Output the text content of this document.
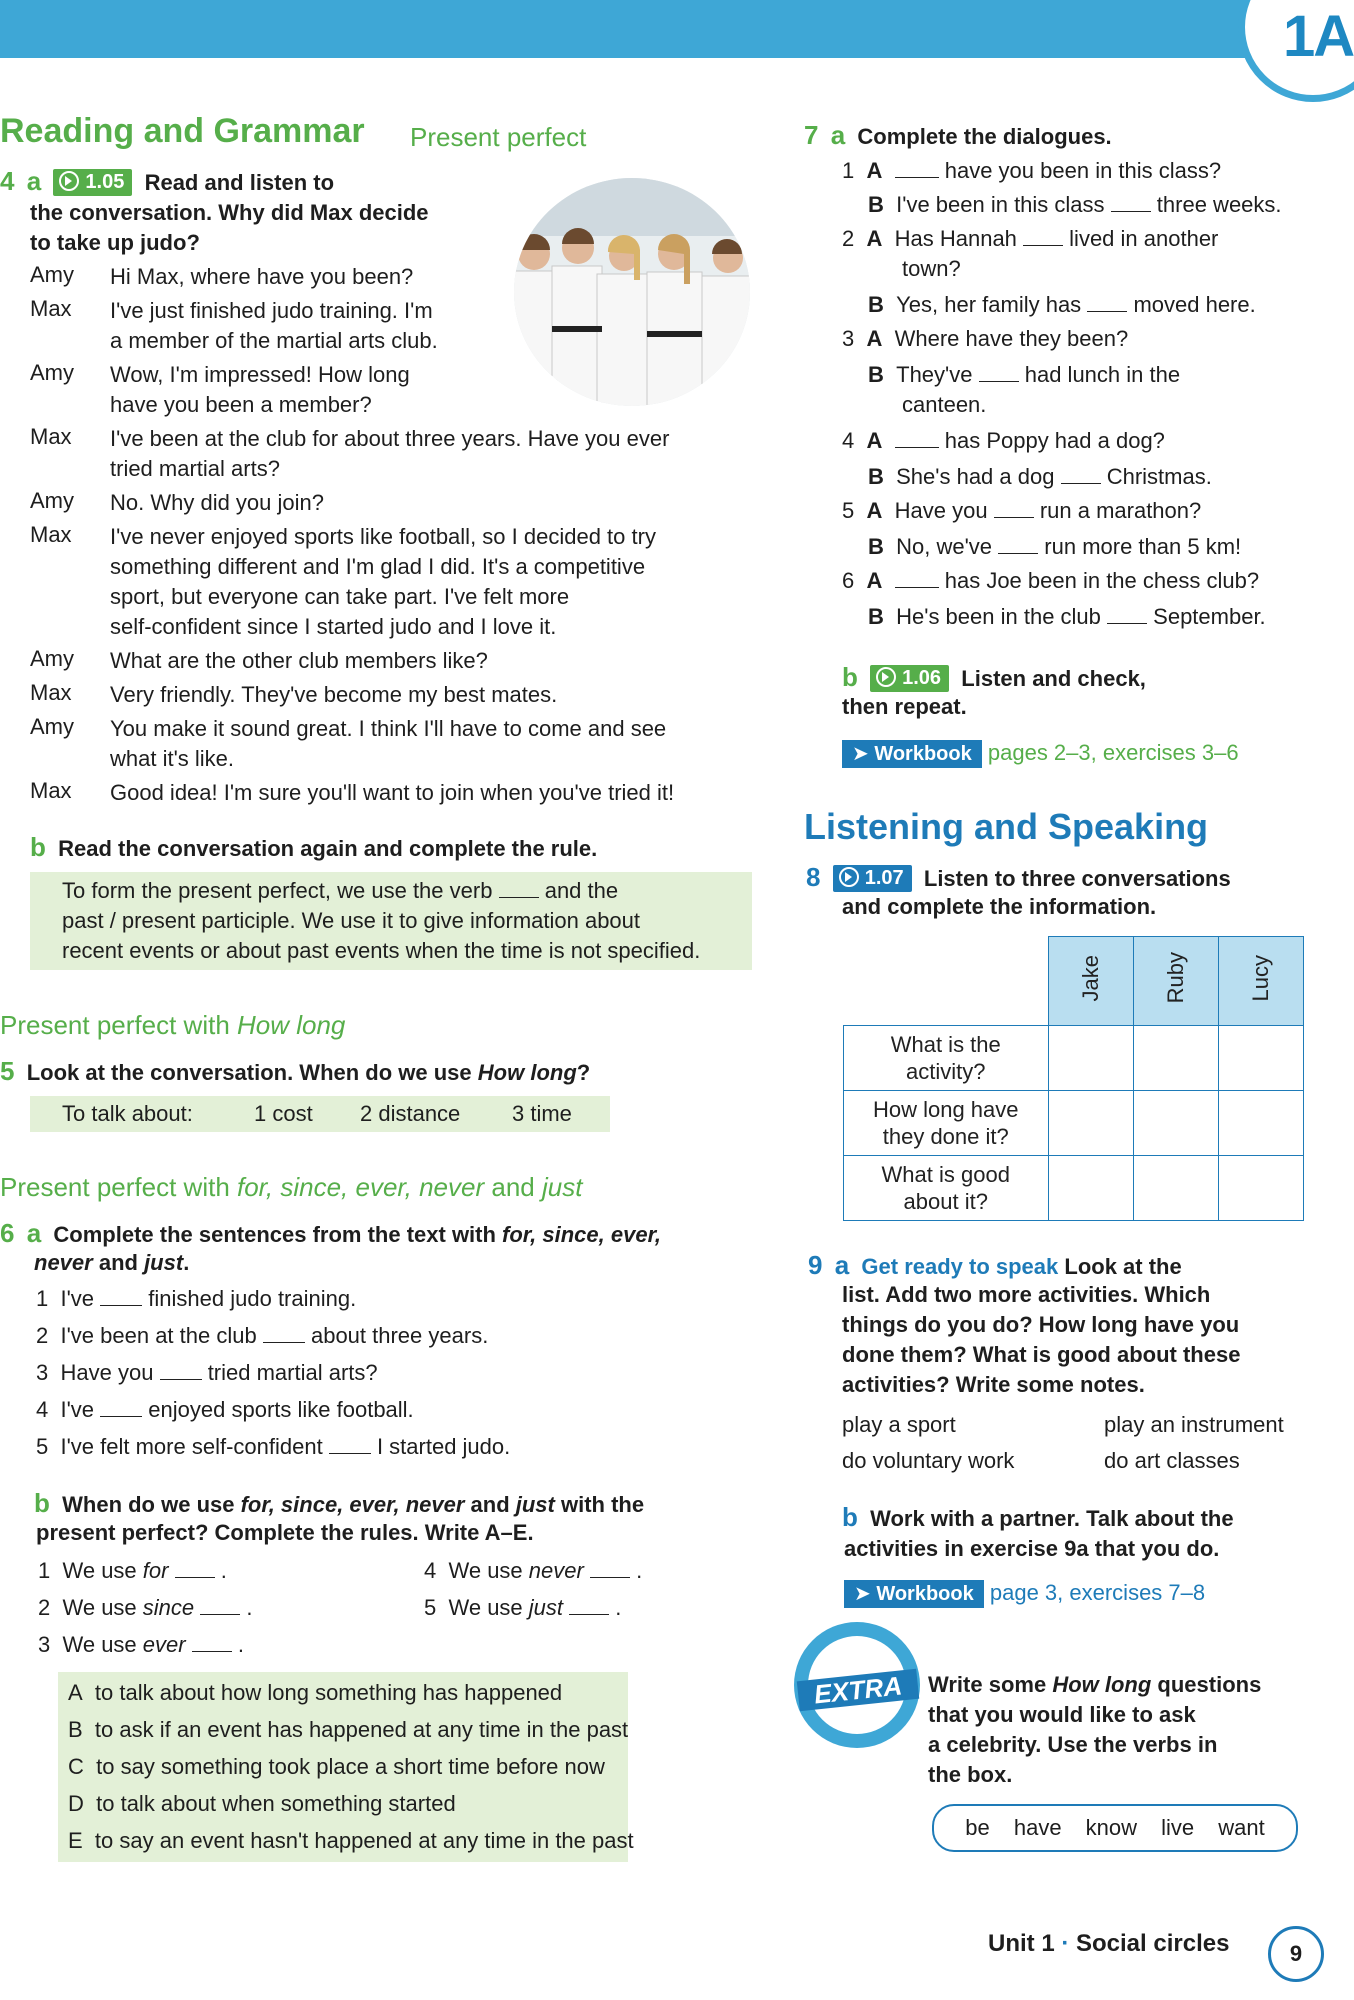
1A
Reading and Grammar Present perfect
4 a 1.05 Read and listen to
the conversation. Why did Max decide
to take up judo?
Amy	Hi Max, where have you been?
Max	I've just finished judo training. I'm
a member of the martial arts club.
Amy	Wow, I'm impressed! How long
have you been a member?
Max	I've been at the club for about three years. Have you ever
tried martial arts?
Amy	No. Why did you join?
Max	I've never enjoyed sports like football, so I decided to try
something different and I'm glad I did. It's a competitive
sport, but everyone can take part. I've felt more
self-confident since I started judo and I love it.
Amy	What are the other club members like?
Max	Very friendly. They've become my best mates.
Amy	You make it sound great. I think I'll have to come and see
what it's like.
Max	Good idea! I'm sure you'll want to join when you've tried it!
b Read the conversation again and complete the rule.
To form the present perfect, we use the verb and the
past / present participle. We use it to give information about
recent events or about past events when the time is not specified.
Present perfect with How long
5 Look at the conversation. When do we use How long?
To talk about:	1 cost 2 distance 3 time
Present perfect with for, since, ever, never and just
6 a Complete the sentences from the text with for, since, ever,
never and just.
1 I've finished judo training.
2 I've been at the club about three years.
3 Have you tried martial arts?
4 I've enjoyed sports like football.
5 I've felt more self-confident I started judo.
b When do we use for, since, ever, never and just with the
present perfect? Complete the rules. Write A–E.
1 We use for  .
2 We use since  .
3 We use ever  .
4 We use never  .
5 We use just  .
A to talk about how long something has happened
B to ask if an event has happened at any time in the past
C to say something took place a short time before now
D to talk about when something started
E to say an event hasn't happened at any time in the past
7 a Complete the dialogues.
1 A	have you been in this class?
B I've been in this class three weeks.
2 A Has Hannah lived in another
town?
B Yes, her family has moved here.
3 A Where have they been?
B They've had lunch in the
canteen.
4 A	has Poppy had a dog?
B She's had a dog Christmas.
5 A Have you run a marathon?
B No, we've run more than 5 km!
6 A	has Joe been in the chess club?
B He's been in the club September.
b 1.06 Listen and check,
then repeat.
➤ Workbook pages 2–3, exercises 3–6
Listening and Speaking
8 1.07 Listen to three conversations
and complete the information.
	Jake	Ruby	Lucy
What is the
activity?			
How long have
they done it?			
What is good
about it?			
9 a Get ready to speak Look at the
list. Add two more activities. Which
things do you do? How long have you
done them? What is good about these
activities? Write some notes.
play a sport	play an instrument
do voluntary work	do art classes
b Work with a partner. Talk about the
activities in exercise 9a that you do.
➤ Workbook page 3, exercises 7–8
EXTRA	Write some How long questions
that you would like to ask
a celebrity. Use the verbs in
the box.
be have know live want
Unit 1 · Social circles	9
